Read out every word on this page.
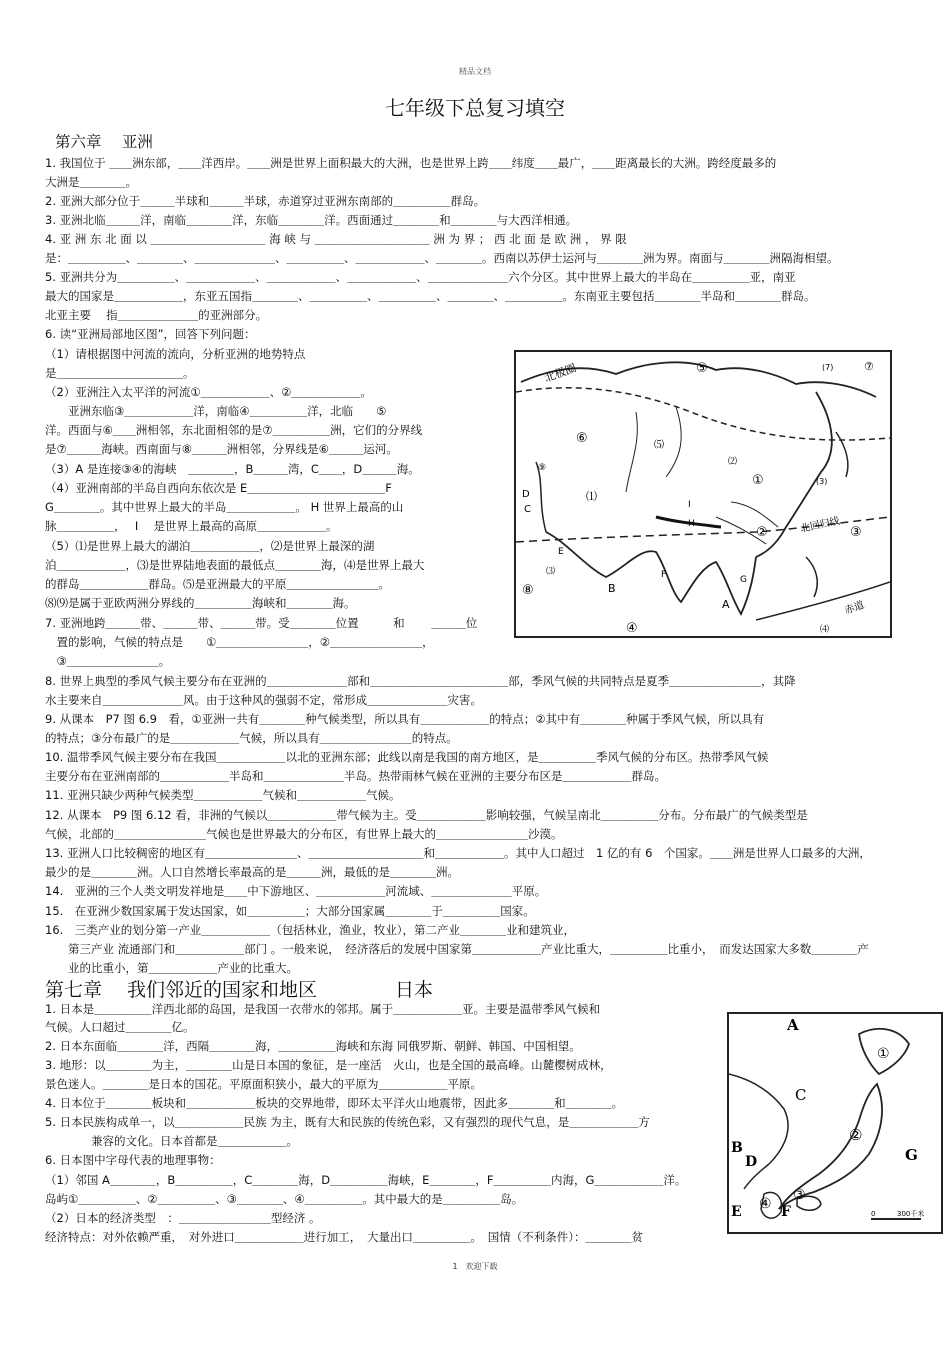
精品文档
七年级下总复习填空
第六章　 亚洲
1. 我国位于 ＿＿洲东部，＿＿洋西岸。＿＿洲是世界上面积最大的大洲，也是世界上跨＿＿纬度＿＿最广，＿＿距离最长的大洲。跨经度最多的
大洲是＿＿＿＿。
2. 亚洲大部分位于＿＿＿半球和＿＿＿半球，赤道穿过亚洲东南部的＿＿＿＿＿群岛。
3. 亚洲北临＿＿＿洋，南临＿＿＿＿洋，东临＿＿＿＿洋。西面通过＿＿＿＿和＿＿＿＿与大西洋相通。
4. 亚 洲 东 北 面 以 ＿＿＿＿＿＿＿＿＿＿ 海 峡 与 ＿＿＿＿＿＿＿＿＿＿ 洲 为 界 ； 西 北 面 是 欧 洲 ， 界 限
是：＿＿＿＿＿、＿＿＿＿、＿＿＿＿＿＿＿、＿＿＿＿＿、＿＿＿＿＿＿、＿＿＿＿。西南以苏伊士运河与＿＿＿＿洲为界。南面与＿＿＿＿洲隔海相望。
5. 亚洲共分为＿＿＿＿＿、＿＿＿＿＿＿、＿＿＿＿＿＿、＿＿＿＿＿＿、＿＿＿＿＿＿＿六个分区。其中世界上最大的半岛在＿＿＿＿＿亚，南亚
最大的国家是＿＿＿＿＿＿，东亚五国指＿＿＿＿、＿＿＿＿＿、＿＿＿＿＿、＿＿＿＿、＿＿＿＿＿。东南亚主要包括＿＿＿＿半岛和＿＿＿＿群岛。
北亚主要　 指＿＿＿＿＿＿＿的亚洲部分。
6. 读“亚洲局部地区图”，回答下列问题：
（1）请根据图中河流的流向，分析亚洲的地势特点
是＿＿＿＿＿＿＿＿＿＿＿。
（2）亚洲注入太平洋的河流①＿＿＿＿＿＿、②＿＿＿＿＿＿。
　　亚洲东临③＿＿＿＿＿＿洋，南临④＿＿＿＿＿洋，北临　　⑤
洋。西面与⑥＿＿洲相邻，东北面相邻的是⑦＿＿＿＿＿洲，它们的分界线
是⑦＿＿＿海峡。西南面与⑧＿＿＿洲相邻，分界线是⑥＿＿＿运河。
（3）A 是连接③④的海峡　＿＿＿＿，B＿＿＿湾，C＿＿，D＿＿＿海。
（4）亚洲南部的半岛自西向东依次是 E＿＿＿＿＿＿＿＿＿＿＿＿F
G＿＿＿＿。其中世界上最大的半岛＿＿＿＿＿＿。 H 世界上最高的山
脉＿＿＿＿＿，　 I　 是世界上最高的高原＿＿＿＿＿＿。
（5）⑴是世界上最大的湖泊＿＿＿＿＿＿，⑵是世界上最深的湖
泊＿＿＿＿＿＿，⑶是世界陆地表面的最低点＿＿＿＿海，⑷是世界上最大
的群岛＿＿＿＿＿＿群岛。⑸是亚洲最大的平原＿＿＿＿＿＿＿＿。
⑻⑼是属于亚欧两洲分界线的＿＿＿＿＿海峡和＿＿＿＿海。
7. 亚洲地跨＿＿＿带、＿＿＿带、＿＿＿带。受＿＿＿＿位置　　　和　　 ＿＿＿位
　置的影响，气候的特点是　　①＿＿＿＿＿＿＿＿，②＿＿＿＿＿＿＿＿，
　③＿＿＿＿＿＿＿＿。
8. 世界上典型的季风气候主要分布在亚洲的＿＿＿＿＿＿＿部和＿＿＿＿＿＿＿＿＿＿＿＿部，季风气候的共同特点是夏季＿＿＿＿＿＿＿＿，其降
水主要来自＿＿＿＿＿＿＿风。由于这种风的强弱不定，常形成＿＿＿＿＿＿＿灾害。
9. 从课本　P7 图 6.9　看，①亚洲一共有＿＿＿＿种气候类型，所以具有＿＿＿＿＿＿的特点；②其中有＿＿＿＿种属于季风气候，所以具有
的特点；③分布最广的是＿＿＿＿＿＿气候，所以具有＿＿＿＿＿＿＿＿的特点。
10. 温带季风气候主要分布在我国＿＿＿＿＿＿以北的亚洲东部；此线以南是我国的南方地区，是＿＿＿＿＿季风气候的分布区。热带季风气候
主要分布在亚洲南部的＿＿＿＿＿＿半岛和＿＿＿＿＿＿＿半岛。热带雨林气候在亚洲的主要分布区是＿＿＿＿＿＿群岛。
11. 亚洲只缺少两种气候类型＿＿＿＿＿＿气候和＿＿＿＿＿＿气候。
12. 从课本　P9 图 6.12 看，非洲的气候以＿＿＿＿＿＿带气候为主。受＿＿＿＿＿＿影响较强，气候呈南北＿＿＿＿＿分布。分布最广的气候类型是
气候，北部的＿＿＿＿＿＿＿＿气候也是世界最大的分布区，有世界上最大的＿＿＿＿＿＿＿＿沙漠。
13. 亚洲人口比较稠密的地区有＿＿＿＿＿＿＿＿、＿＿＿＿＿＿＿＿＿＿和＿＿＿＿＿＿。其中人口超过　1 亿的有 6　个国家。＿＿洲是世界人口最多的大洲，
最少的是＿＿＿＿洲。人口自然增长率最高的是＿＿＿洲，最低的是＿＿＿＿洲。
14.　亚洲的三个人类文明发祥地是＿＿中下游地区、＿＿＿＿＿＿河流域、＿＿＿＿＿＿＿平原。
15.　在亚洲少数国家属于发达国家，如＿＿＿＿＿；大部分国家属＿＿＿＿于＿＿＿＿＿国家。
16.　三类产业的划分第一产业＿＿＿＿＿＿（包括林业，渔业，牧业），第二产业＿＿＿＿业和建筑业，
　　第三产业 流通部门和＿＿＿＿＿＿部门 。一般来说，　经济落后的发展中国家第＿＿＿＿＿＿产业比重大，＿＿＿＿＿比重小，　而发达国家大多数＿＿＿＿产
　　业的比重小，第＿＿＿＿＿＿产业的比重大。
第七章　 我们邻近的国家和地区	日本
1. 日本是＿＿＿＿＿洋西北部的岛国，是我国一衣带水的邻邦。属于＿＿＿＿＿＿亚。主要是温带季风气候和
气候。人口超过＿＿＿＿亿。
2. 日本东面临＿＿＿＿洋，西隔＿＿＿＿海，＿＿＿＿＿海峡和东海 同俄罗斯、朝鲜、韩国、中国相望。
3. 地形：以＿＿＿＿为主，＿＿＿＿山是日本国的象征，是一座活　火山，也是全国的最高峰。山麓樱树成林，
景色迷人。＿＿＿＿是日本的国花。平原面积狭小，最大的平原为＿＿＿＿＿＿平原。
4. 日本位于＿＿＿＿板块和＿＿＿＿＿＿板块的交界地带，即环太平洋火山地震带，因此多＿＿＿＿和＿＿＿＿。
5. 日本民族构成单一，以＿＿＿＿＿＿民族 为主，既有大和民族的传统色彩，又有强烈的现代气息，是＿＿＿＿＿＿方
　　　　兼容的文化。日本首都是＿＿＿＿＿＿。
6. 日本图中字母代表的地理事物：
（1）邻国 A＿＿＿＿，B＿＿＿＿＿，C＿＿＿＿海，D＿＿＿＿＿海峡，E＿＿＿＿，F＿＿＿＿＿内海，G＿＿＿＿＿＿洋。
岛屿①＿＿＿＿＿、②＿＿＿＿＿、③＿＿＿＿、④＿＿＿＿＿。其中最大的是＿＿＿＿＿岛。
（2）日本的经济类型　：＿＿＿＿＿＿＿＿型经济 。
经济特点：对外依赖严重，　对外进口＿＿＿＿＿＿进行加工，　大量出口＿＿＿＿＿。　国情（不利条件）：＿＿＿＿贫
北极圈
北回归线
赤道
⑤	⑦
⑥	⑸
⑵
⑨
⑴
D
C
②	③
⑧
①
I
H
E
B
F	G
A
④
⑶
⑷
(7)
(3)
A
C
①
②
③
④
B
D
E	F
G
0	300千米
1　欢迎下载
